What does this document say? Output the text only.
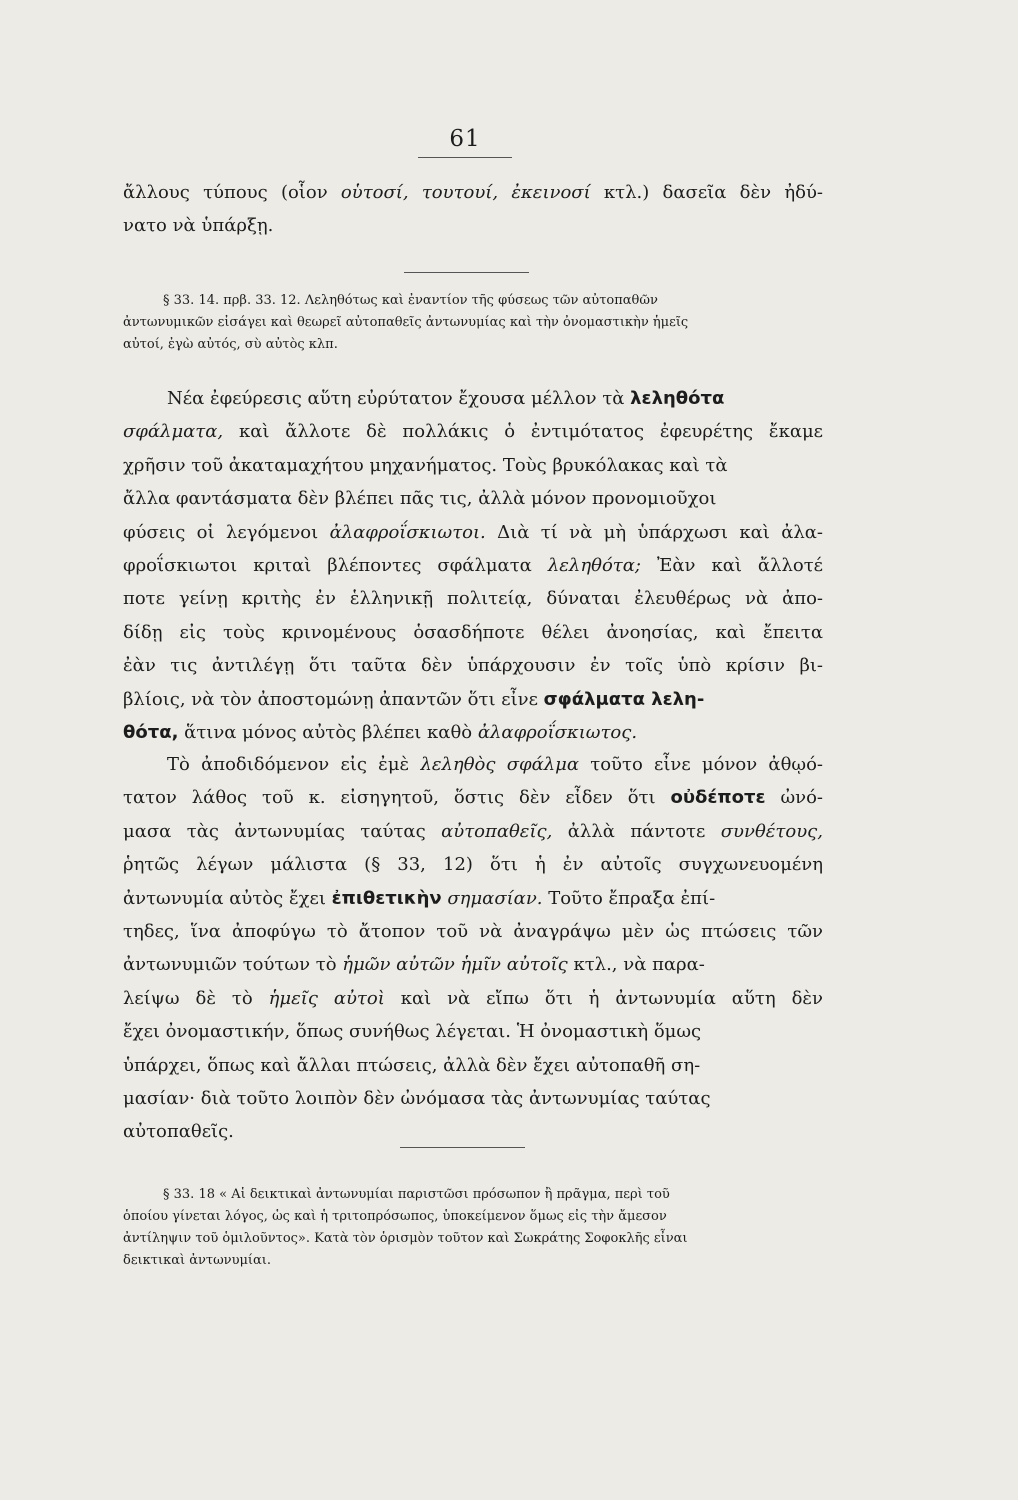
61
ἄλλους τύπους (οἷον οὑτοσί, τουτουί, ἐκεινοσί κτλ.) δασεῖα δὲν ἠδύ-
νατο νὰ ὑπάρξῃ.
§ 33. 14. πρβ. 33. 12. Λεληθότως καὶ ἐναντίον τῆς φύσεως τῶν αὐτοπαθῶν
ἀντωνυμικῶν εἰσάγει καὶ θεωρεῖ αὐτοπαθεῖς ἀντωνυμίας καὶ τὴν ὀνομαστικὴν ἡμεῖς
αὐτοί, ἐγὼ αὐτός, σὺ αὐτὸς κλπ.
Νέα ἐφεύρεσις αὕτη εὐρύτατον ἔχουσα μέλλον τὰ λεληθότα
σφάλματα, καὶ ἄλλοτε δὲ πολλάκις ὁ ἐντιμότατος ἐφευρέτης ἔκαμε
χρῆσιν τοῦ ἀκαταμαχήτου μηχανήματος. Τοὺς βρυκόλακας καὶ τὰ
ἄλλα φαντάσματα δὲν βλέπει πᾶς τις, ἀλλὰ μόνον προνομιοῦχοι
φύσεις οἱ λεγόμενοι ἀλαφροΐσκιωτοι. Διὰ τί νὰ μὴ ὑπάρχωσι καὶ ἀλα-
φροΐσκιωτοι κριταὶ βλέποντες σφάλματα λεληθότα; Ἐὰν καὶ ἄλλοτέ
ποτε γείνῃ κριτὴς ἐν ἑλληνικῇ πολιτείᾳ, δύναται ἐλευθέρως νὰ ἀπο-
δίδῃ εἰς τοὺς κρινομένους ὁσασδήποτε θέλει ἀνοησίας, καὶ ἔπειτα
ἐὰν τις ἀντιλέγῃ ὅτι ταῦτα δὲν ὑπάρχουσιν ἐν τοῖς ὑπὸ κρίσιν βι-
βλίοις, νὰ τὸν ἀποστομώνῃ ἀπαντῶν ὅτι εἶνε σφάλματα λελη-
θότα, ἅτινα μόνος αὐτὸς βλέπει καθὸ ἀλαφροΐσκιωτος.
Τὸ ἀποδιδόμενον εἰς ἐμὲ λεληθὸς σφάλμα τοῦτο εἶνε μόνον ἀθῳό-
τατον λάθος τοῦ κ. εἰσηγητοῦ, ὅστις δὲν εἶδεν ὅτι οὐδέποτε ὠνό-
μασα τὰς ἀντωνυμίας ταύτας αὐτοπαθεῖς, ἀλλὰ πάντοτε συνθέτους,
ῥητῶς λέγων μάλιστα (§ 33, 12) ὅτι ἡ ἐν αὐτοῖς συγχωνευομένη
ἀντωνυμία αὐτὸς ἔχει ἐπιθετικὴν σημασίαν. Τοῦτο ἔπραξα ἐπί-
τηδες, ἵνα ἀποφύγω τὸ ἄτοπον τοῦ νὰ ἀναγράψω μὲν ὡς πτώσεις τῶν
ἀντωνυμιῶν τούτων τὸ ἡμῶν αὐτῶν ἡμῖν αὐτοῖς κτλ., νὰ παρα-
λείψω δὲ τὸ ἡμεῖς αὐτοὶ καὶ νὰ εἴπω ὅτι ἡ ἀντωνυμία αὕτη δὲν
ἔχει ὀνομαστικήν, ὅπως συνήθως λέγεται. Ἡ ὀνομαστικὴ ὅμως
ὑπάρχει, ὅπως καὶ ἄλλαι πτώσεις, ἀλλὰ δὲν ἔχει αὐτοπαθῆ ση-
μασίαν· διὰ τοῦτο λοιπὸν δὲν ὠνόμασα τὰς ἀντωνυμίας ταύτας
αὐτοπαθεῖς.
§ 33. 18 « Αἱ δεικτικαὶ ἀντωνυμίαι παριστῶσι πρόσωπον ἢ πρᾶγμα, περὶ τοῦ
ὁποίου γίνεται λόγος, ὡς καὶ ἡ τριτοπρόσωπος, ὑποκείμενον ὅμως εἰς τὴν ἄμεσον
ἀντίληψιν τοῦ ὁμιλοῦντος». Κατὰ τὸν ὁρισμὸν τοῦτον καὶ Σωκράτης Σοφοκλῆς εἶναι
δεικτικαὶ ἀντωνυμίαι.
